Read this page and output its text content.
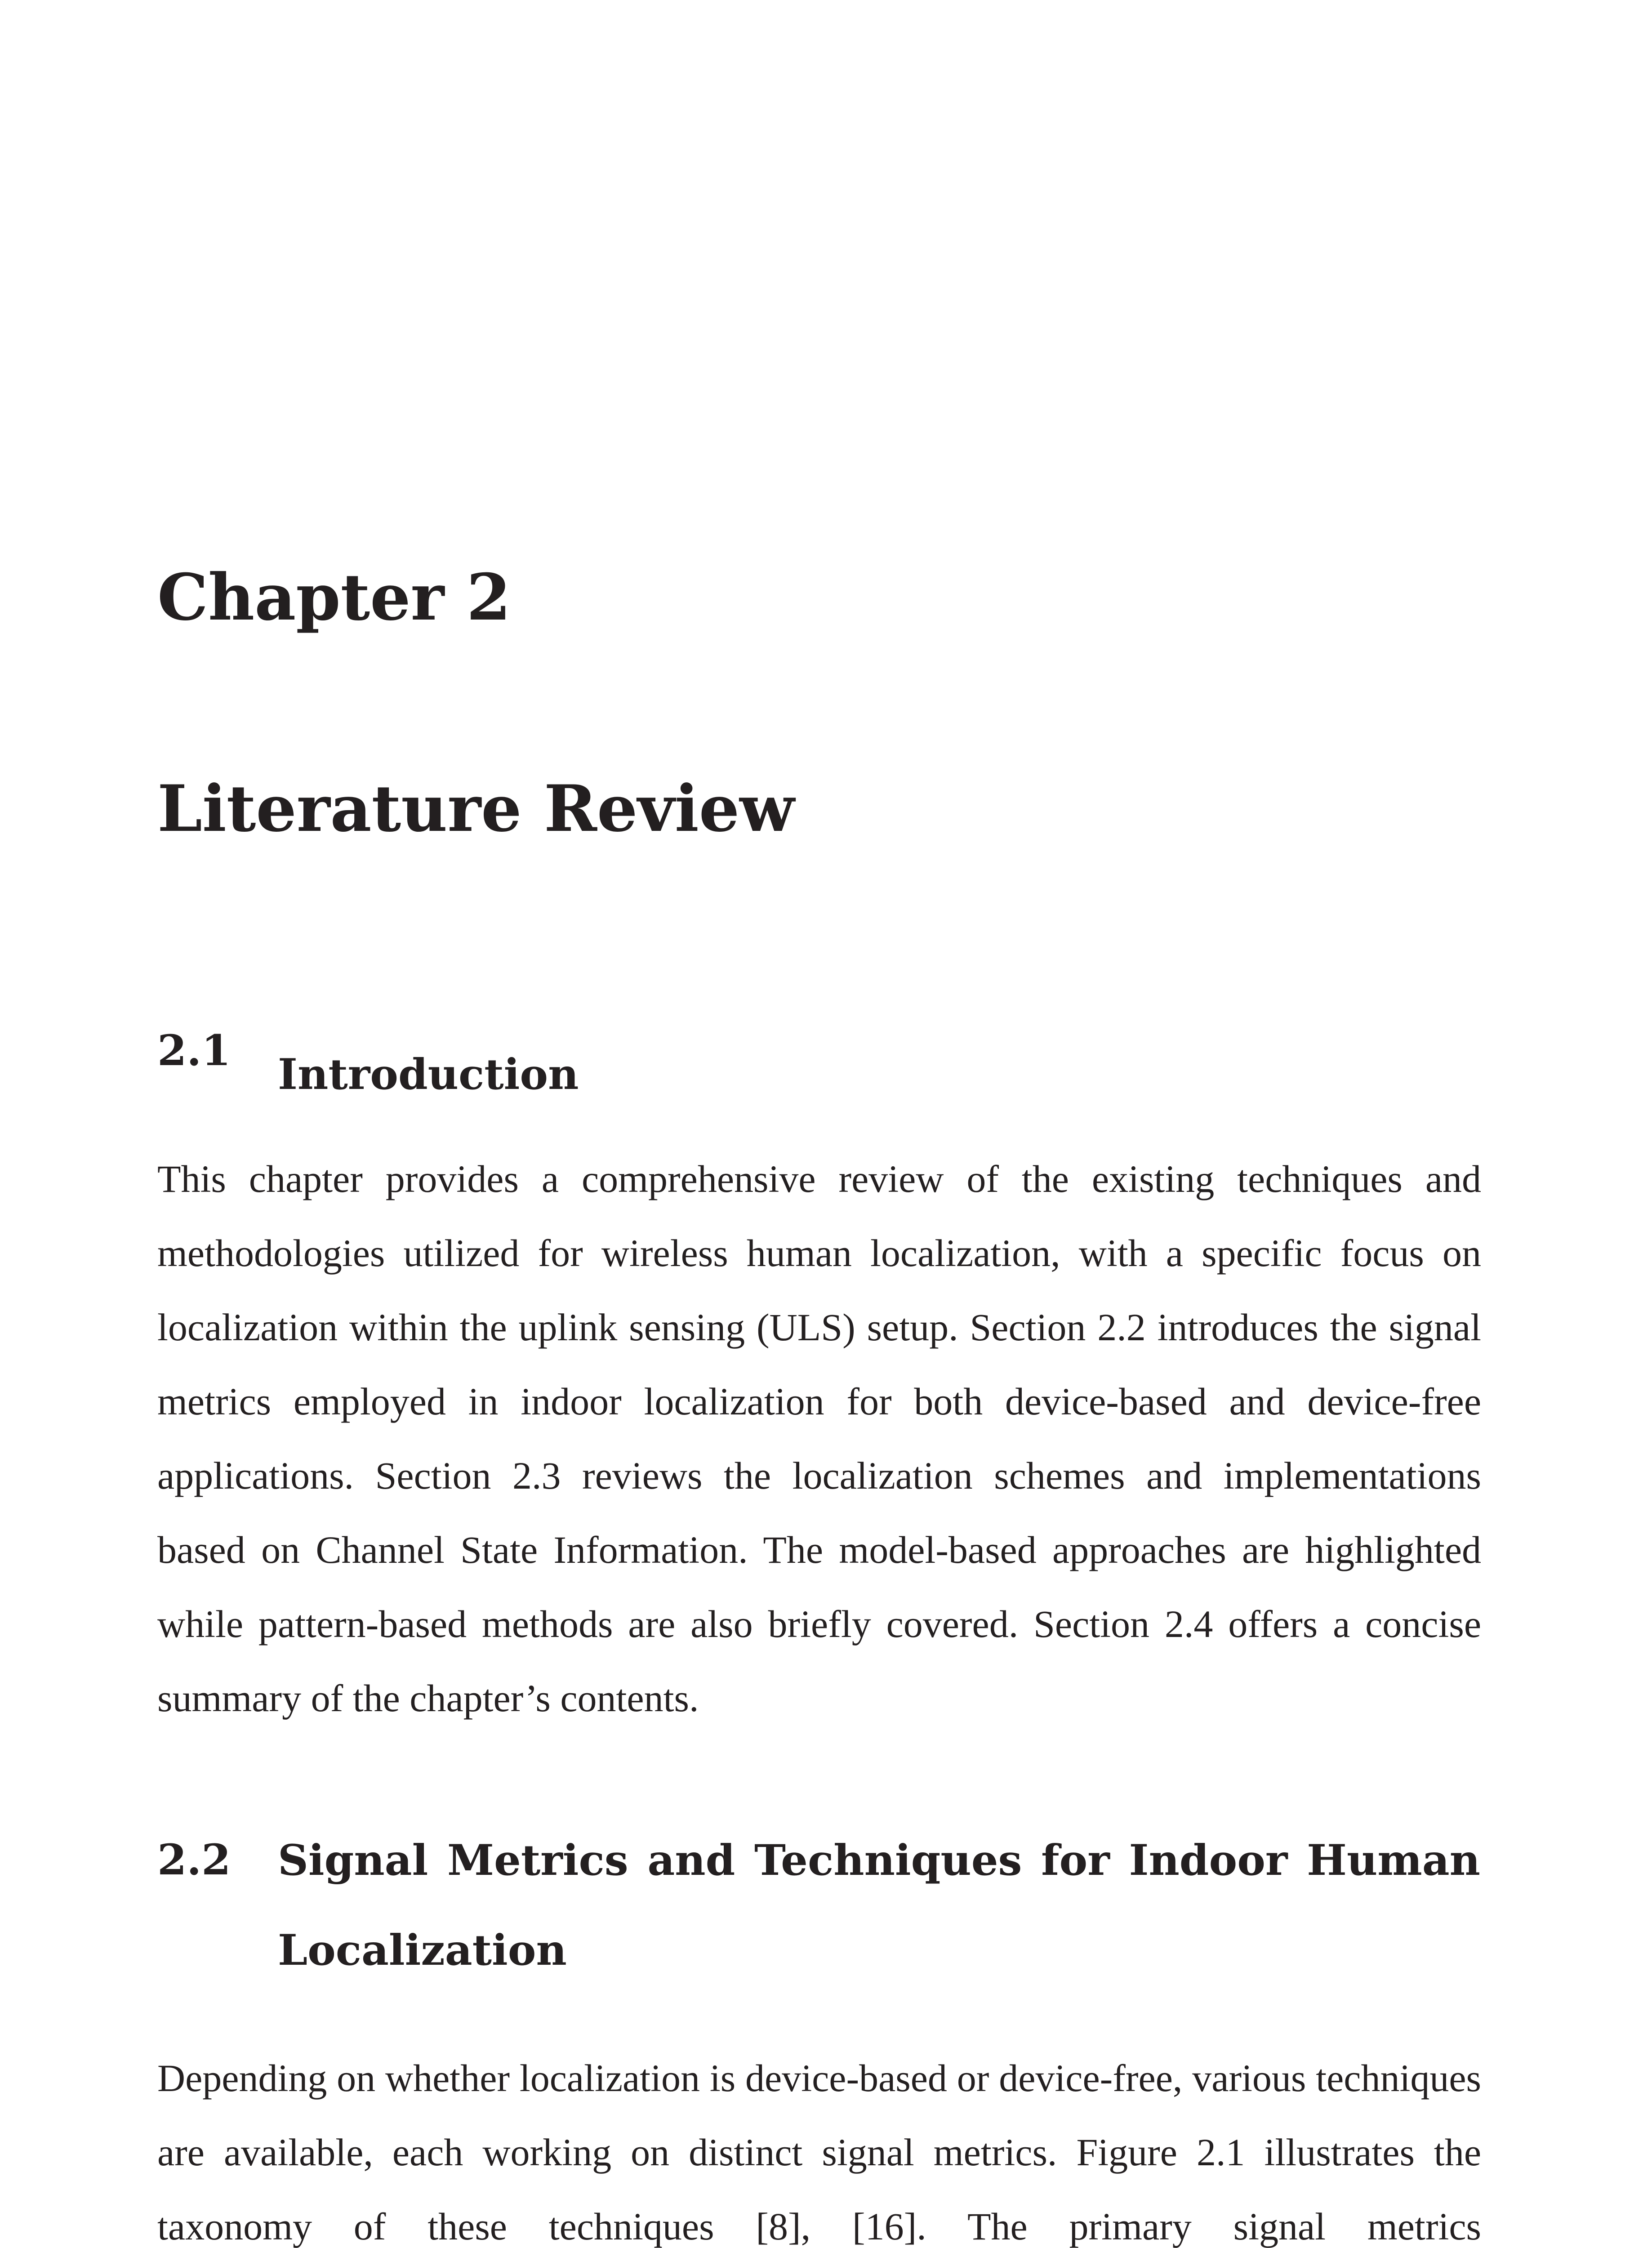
Chapter 2
Literature Review
2.1 Introduction

This chapter provides a comprehensive review of the existing techniques and methodologies utilized for wireless human localization, with a specific focus on localization within the uplink sensing (ULS) setup. Section 2.2 introduces the signal metrics employed in indoor localization for both device-based and device-free applications. Section 2.3 reviews the localization schemes and implementations based on Channel State Information. The model-based approaches are highlighted while pattern-based methods are also briefly covered. Section 2.4 offers a concise summary of the chapter’s contents.

2.2 Signal Metrics and Techniques for Indoor Human Localization

Depending on whether localization is device-based or device-free, various techniques are available, each working on distinct signal metrics. Figure 2.1 illustrates the taxonomy of these techniques [8], [16]. The primary signal metrics
